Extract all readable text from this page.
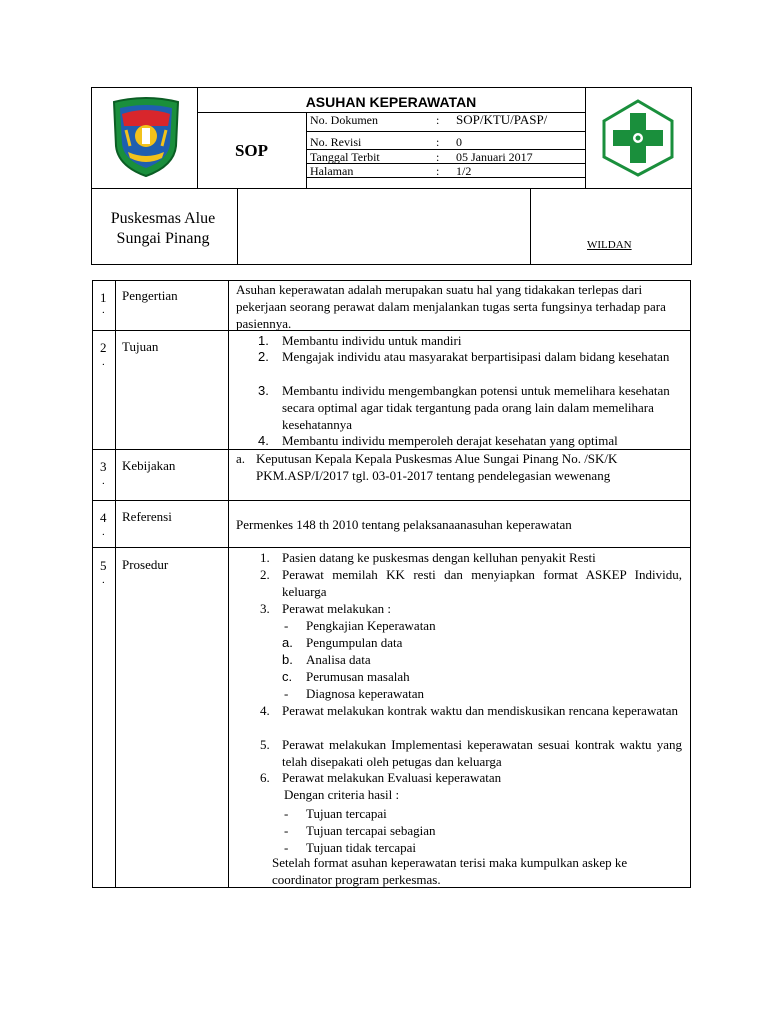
ASUHAN KEPERAWATAN
SOP
No. Dokumen	: SOP/KTU/PASP/
No. Revisi	: 0
Tanggal Terbit	: 05 Januari 2017
Halaman	: 1/2
Puskesmas Alue Sungai Pinang	WILDAN
1
.
Pengertian	Asuhan keperawatan adalah merupakan suatu hal yang tidakakan terlepas dari pekerjaan seorang perawat dalam menjalankan tugas serta fungsinya terhadap para pasiennya.
2
.
Tujuan	1. Membantu individu untuk mandiri
2. Mengajak individu atau masyarakat berpartisipasi dalam bidang kesehatan
3. Membantu individu mengembangkan potensi untuk memelihara kesehatan secara optimal agar tidak tergantung pada orang lain dalam memelihara kesehatannya
4. Membantu individu memperoleh derajat kesehatan yang optimal
3
.
Kebijakan	a. Keputusan Kepala Kepala Puskesmas Alue Sungai Pinang No. /SK/K PKM.ASP/I/2017 tgl. 03-01-2017 tentang pendelegasian wewenang
4
.
Referensi
Permenkes 148 th 2010 tentang pelaksanaanasuhan keperawatan
5
.
Prosedur	1. Pasien datang ke puskesmas dengan kelluhan penyakit Resti
2. Perawat memilah KK resti dan menyiapkan format ASKEP Individu, keluarga
3. Perawat melakukan :
- Pengkajian Keperawatan
a. Pengumpulan data
b. Analisa data
c. Perumusan masalah
- Diagnosa keperawatan
4. Perawat melakukan kontrak waktu dan mendiskusikan rencana keperawatan
5. Perawat melakukan Implementasi keperawatan sesuai kontrak waktu yang telah disepakati oleh petugas dan keluarga
6. Perawat melakukan Evaluasi keperawatan
Dengan criteria hasil :
- Tujuan tercapai
- Tujuan tercapai sebagian
- Tujuan tidak tercapai
Setelah format asuhan keperawatan terisi maka kumpulkan askep ke coordinator program perkesmas.
